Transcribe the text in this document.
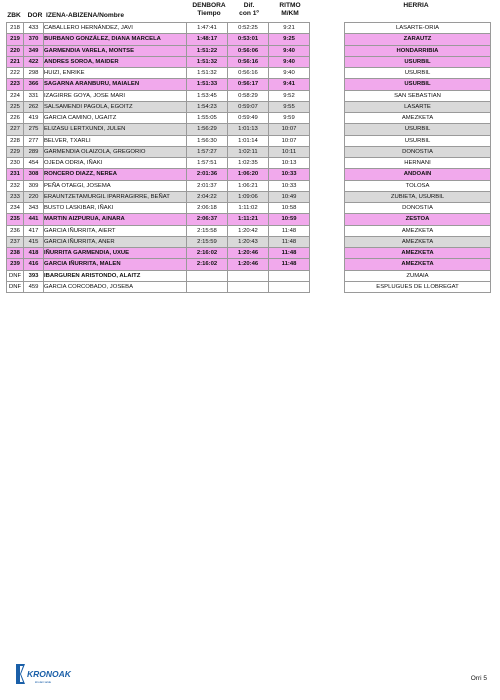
ZBK DOR IZENA-ABIZENA/Nombre
DENBORA
Tiempo
Dif.
con 1º
RITMO
M/KM
HERRIA
218	433	CABALLERO HERNÁNDEZ, JAVI	1:47:41	0:52:25	9:21		LASARTE-ORIA
219	370	BURBANO GONZÁLEZ, DIANA MARCELA	1:48:17	0:53:01	9:25		ZARAUTZ
220	349	GARMENDIA VARELA, MONTSE	1:51:22	0:56:06	9:40		HONDARRIBIA
221	422	ANDRES SOROA, MAIDER	1:51:32	0:56:16	9:40		USURBIL
222	298	HUIZI, ENRIKE	1:51:32	0:56:16	9:40		USURBIL
223	366	SAGARNA ARANBURU, MAIALEN	1:51:33	0:56:17	9:41		USURBIL
224	331	IZAGIRRE GOYA, JOSE MARI	1:53:45	0:58:29	9:52		SAN SEBASTIAN
225	262	SALSAMENDI PAGOLA, EGOITZ	1:54:23	0:59:07	9:55		LASARTE
226	419	GARCIA CAMINO, UGAITZ	1:55:05	0:59:49	9:59		AMEZKETA
227	275	ELIZASU LERTXUNDI, JULEN	1:56:29	1:01:13	10:07		USURBIL
228	277	BELVER, TXARLI	1:56:30	1:01:14	10:07		USURBIL
229	289	GARMENDIA OLAIZOLA, GREGORIO	1:57:27	1:02:11	10:11		DONOSTIA
230	454	OJEDA ODRIA, IÑAKI	1:57:51	1:02:35	10:13		HERNANI
231	308	RONCERO DIAZZ, NEREA	2:01:36	1:06:20	10:33		ANDOAIN
232	309	PEÑA OTAEGI, JOSEMA	2:01:37	1:06:21	10:33		TOLOSA
233	220	ERAUNTZETAMURGIL IPARRAGIRRE, BEÑAT	2:04:22	1:09:06	10:49		ZUBIETA, USURBIL
234	343	BUSTO LASKIBAR, IÑAKI	2:06:18	1:11:02	10:58		DONOSTIA
235	441	MARTIN AIZPURUA, AINARA	2:06:37	1:11:21	10:59		ZESTOA
236	417	GARCIA IÑURRITA, AIERT	2:15:58	1:20:42	11:48		AMEZKETA
237	415	GARCIA IÑURRITA, ANER	2:15:59	1:20:43	11:48		AMEZKETA
238	418	IÑURRITA GARMENDIA, UXUE	2:16:02	1:20:46	11:48		AMEZKETA
239	416	GARCIA IÑURRITA, MALEN	2:16:02	1:20:46	11:48		AMEZKETA
DNF	393	IBARGUREN ARISTONDO, ALAITZ					ZUMAIA
DNF	459	GARCIA CORCOBADO, JOSEBA					ESPLUGUES DE LLOBREGAT
KRONOAK
kirolari talde	Orri 5
